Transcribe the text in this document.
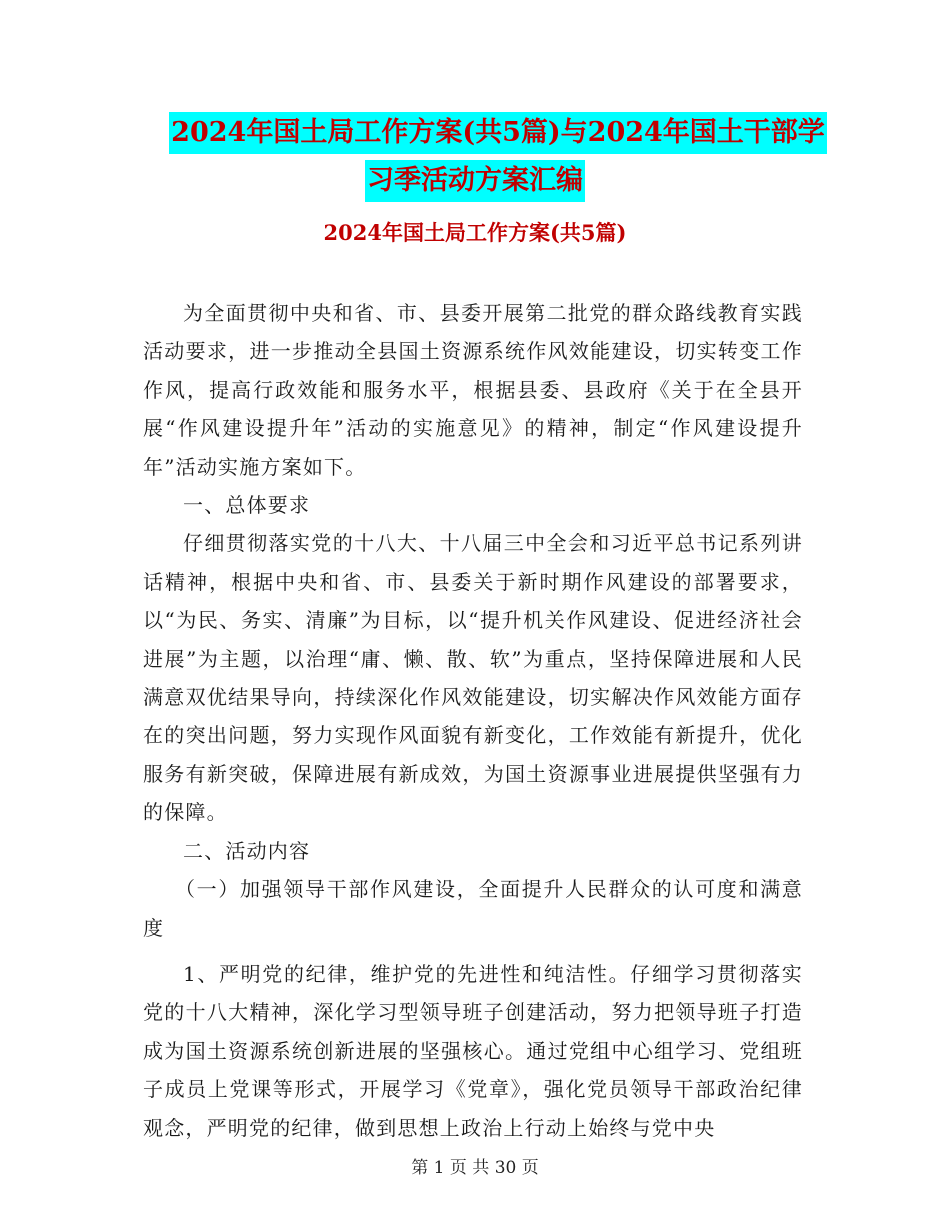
2024年国土局工作方案(共5篇)与2024年国土干部学
习季活动方案汇编
2024年国土局工作方案(共5篇)

为全面贯彻中央和省、市、县委开展第二批党的群众路线教育实践活动要求，进一步推动全县国土资源系统作风效能建设，切实转变工作作风，提高行政效能和服务水平，根据县委、县政府《关于在全县开展“作风建设提升年”活动的实施意见》的精神，制定“作风建设提升年”活动实施方案如下。

一、总体要求

仔细贯彻落实党的十八大、十八届三中全会和习近平总书记系列讲话精神，根据中央和省、市、县委关于新时期作风建设的部署要求，以“为民、务实、清廉”为目标，以“提升机关作风建设、促进经济社会进展”为主题，以治理“庸、懒、散、软”为重点，坚持保障进展和人民满意双优结果导向，持续深化作风效能建设，切实解决作风效能方面存在的突出问题，努力实现作风面貌有新变化，工作效能有新提升，优化服务有新突破，保障进展有新成效，为国土资源事业进展提供坚强有力的保障。

二、活动内容

（一）加强领导干部作风建设，全面提升人民群众的认可度和满意度

1、严明党的纪律，维护党的先进性和纯洁性。仔细学习贯彻落实党的十八大精神，深化学习型领导班子创建活动，努力把领导班子打造成为国土资源系统创新进展的坚强核心。通过党组中心组学习、党组班子成员上党课等形式，开展学习《党章》，强化党员领导干部政治纪律观念，严明党的纪律，做到思想上政治上行动上始终与党中央

第 1 页 共 30 页
